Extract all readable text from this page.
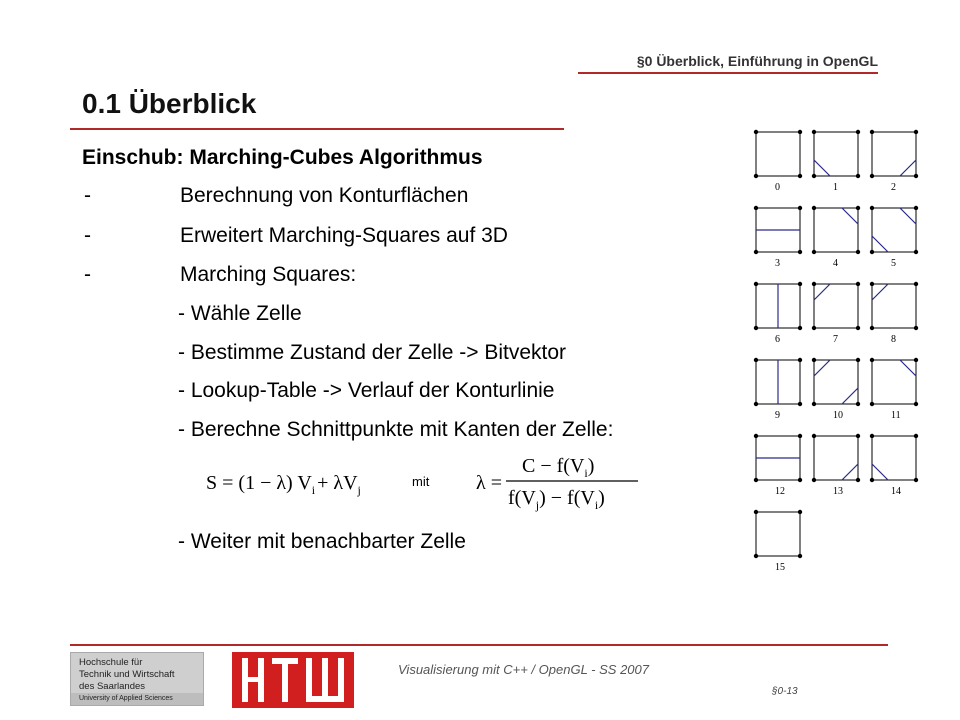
§0 Überblick, Einführung in OpenGL
0.1 Überblick
Einschub: Marching-Cubes Algorithmus
-	Berechnung von Konturflächen
-	Erweitert Marching-Squares auf 3D
-	Marching Squares:
- Wähle Zelle
- Bestimme Zustand der Zelle -> Bitvektor
- Lookup-Table -> Verlauf der Konturlinie
- Berechne Schnittpunkte mit Kanten der Zelle:
S = (1 − λ) $V_i + \lambda V_j$	λ =
$C - f(V_i)$
$f(V_j) - f(V_i)$
mit
- Weiter mit benachbarter Zelle
0	1	2
3	4	5
6	7	8
9	10	11
12	13	14
15
Hochschule für
Technik und Wirtschaft
des Saarlandes
University of Applied Sciences
Visualisierung mit C++ / OpenGL - SS 2007
§0-13
